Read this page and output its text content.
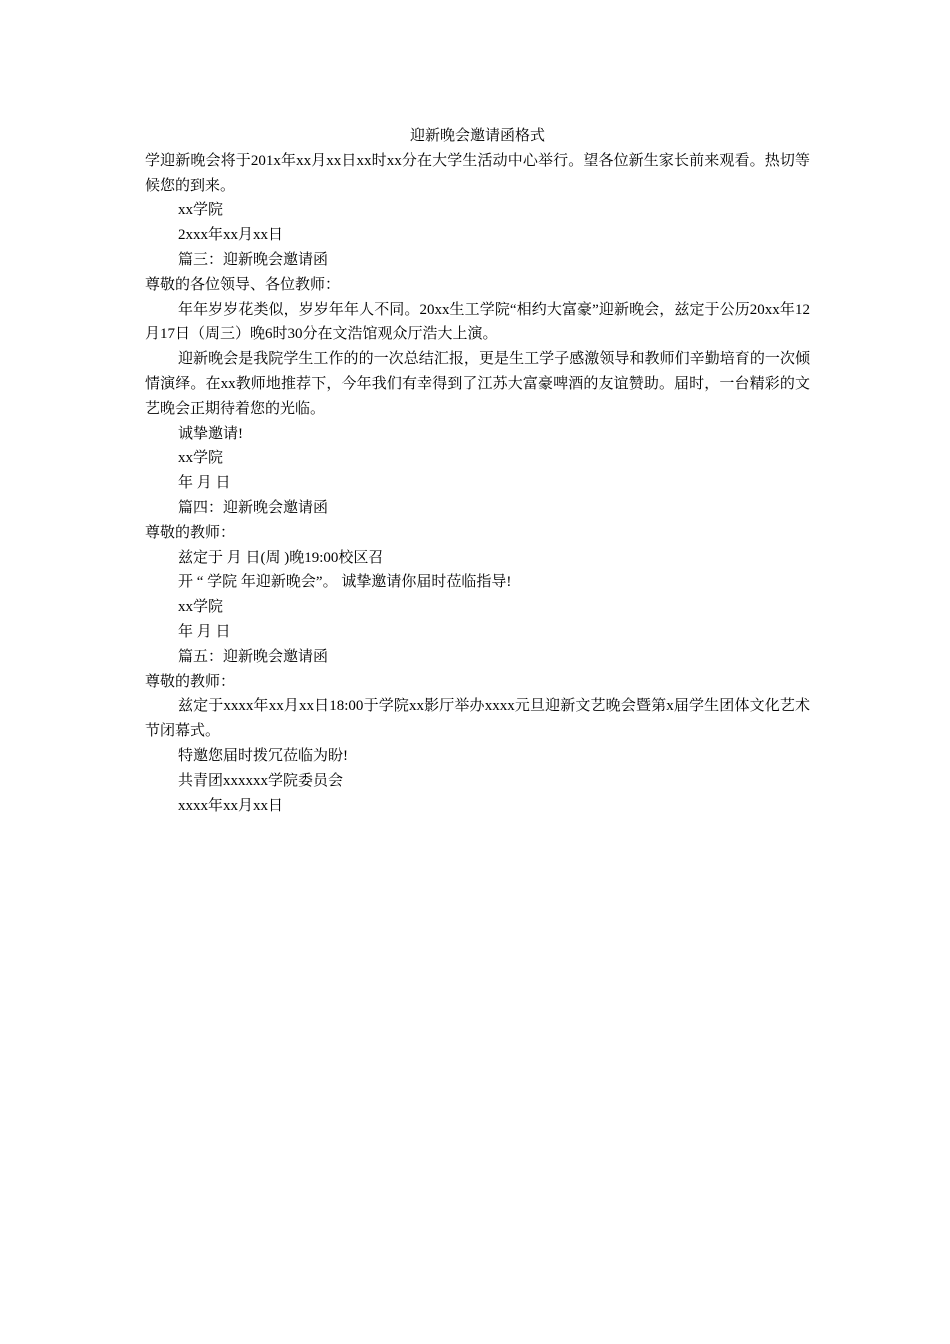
迎新晚会邀请函格式

学迎新晚会将于201x年xx月xx日xx时xx分在大学生活动中心举行。望各位新生家长前来观看。热切等候您的到来。

xx学院

2xxx年xx月xx日

篇三：迎新晚会邀请函

尊敬的各位领导、各位教师：

年年岁岁花类似，岁岁年年人不同。20xx生工学院“相约大富豪”迎新晚会，兹定于公历20xx年12月17日（周三）晚6时30分在文浩馆观众厅浩大上演。

迎新晚会是我院学生工作的的一次总结汇报，更是生工学子感激领导和教师们辛勤培育的一次倾情演绎。在xx教师地推荐下，今年我们有幸得到了江苏大富豪啤酒的友谊赞助。届时，一台精彩的文艺晚会正期待着您的光临。

诚挚邀请!

xx学院

年 月 日

篇四：迎新晚会邀请函

尊敬的教师：

兹定于 月 日(周 )晚19:00校区召

开 “ 学院 年迎新晚会”。 诚挚邀请你届时莅临指导!

xx学院

年 月 日

篇五：迎新晚会邀请函

尊敬的教师：

兹定于xxxx年xx月xx日18:00于学院xx影厅举办xxxx元旦迎新文艺晚会暨第x届学生团体文化艺术节闭幕式。

特邀您届时拨冗莅临为盼!

共青团xxxxxx学院委员会

xxxx年xx月xx日
